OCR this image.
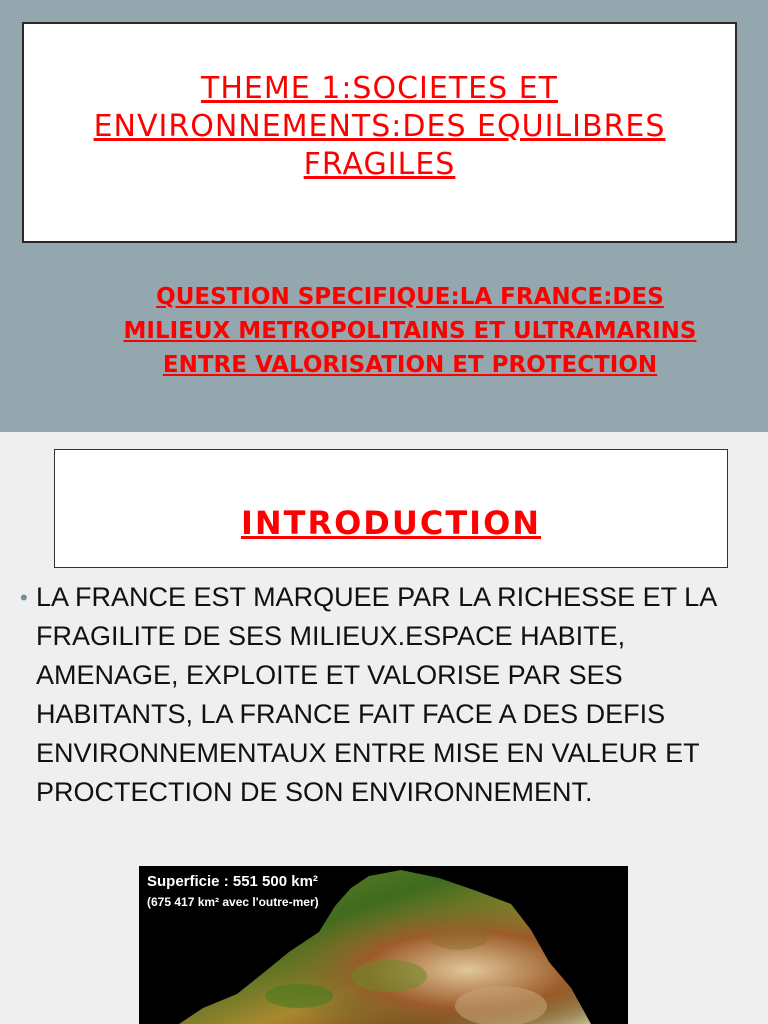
THEME 1:SOCIETES ET ENVIRONNEMENTS:DES EQUILIBRES FRAGILES
QUESTION SPECIFIQUE:LA FRANCE:DES MILIEUX METROPOLITAINS ET ULTRAMARINS ENTRE VALORISATION ET PROTECTION
INTRODUCTION
• LA FRANCE EST MARQUEE PAR LA RICHESSE ET LA FRAGILITE DE SES MILIEUX.ESPACE HABITE, AMENAGE, EXPLOITE ET VALORISE PAR SES HABITANTS, LA FRANCE FAIT FACE A DES DEFIS ENVIRONNEMENTAUX ENTRE MISE EN VALEUR ET PROCTECTION DE SON ENVIRONNEMENT.
Superficie : 551 500 km²
(675 417 km² avec l'outre-mer)
